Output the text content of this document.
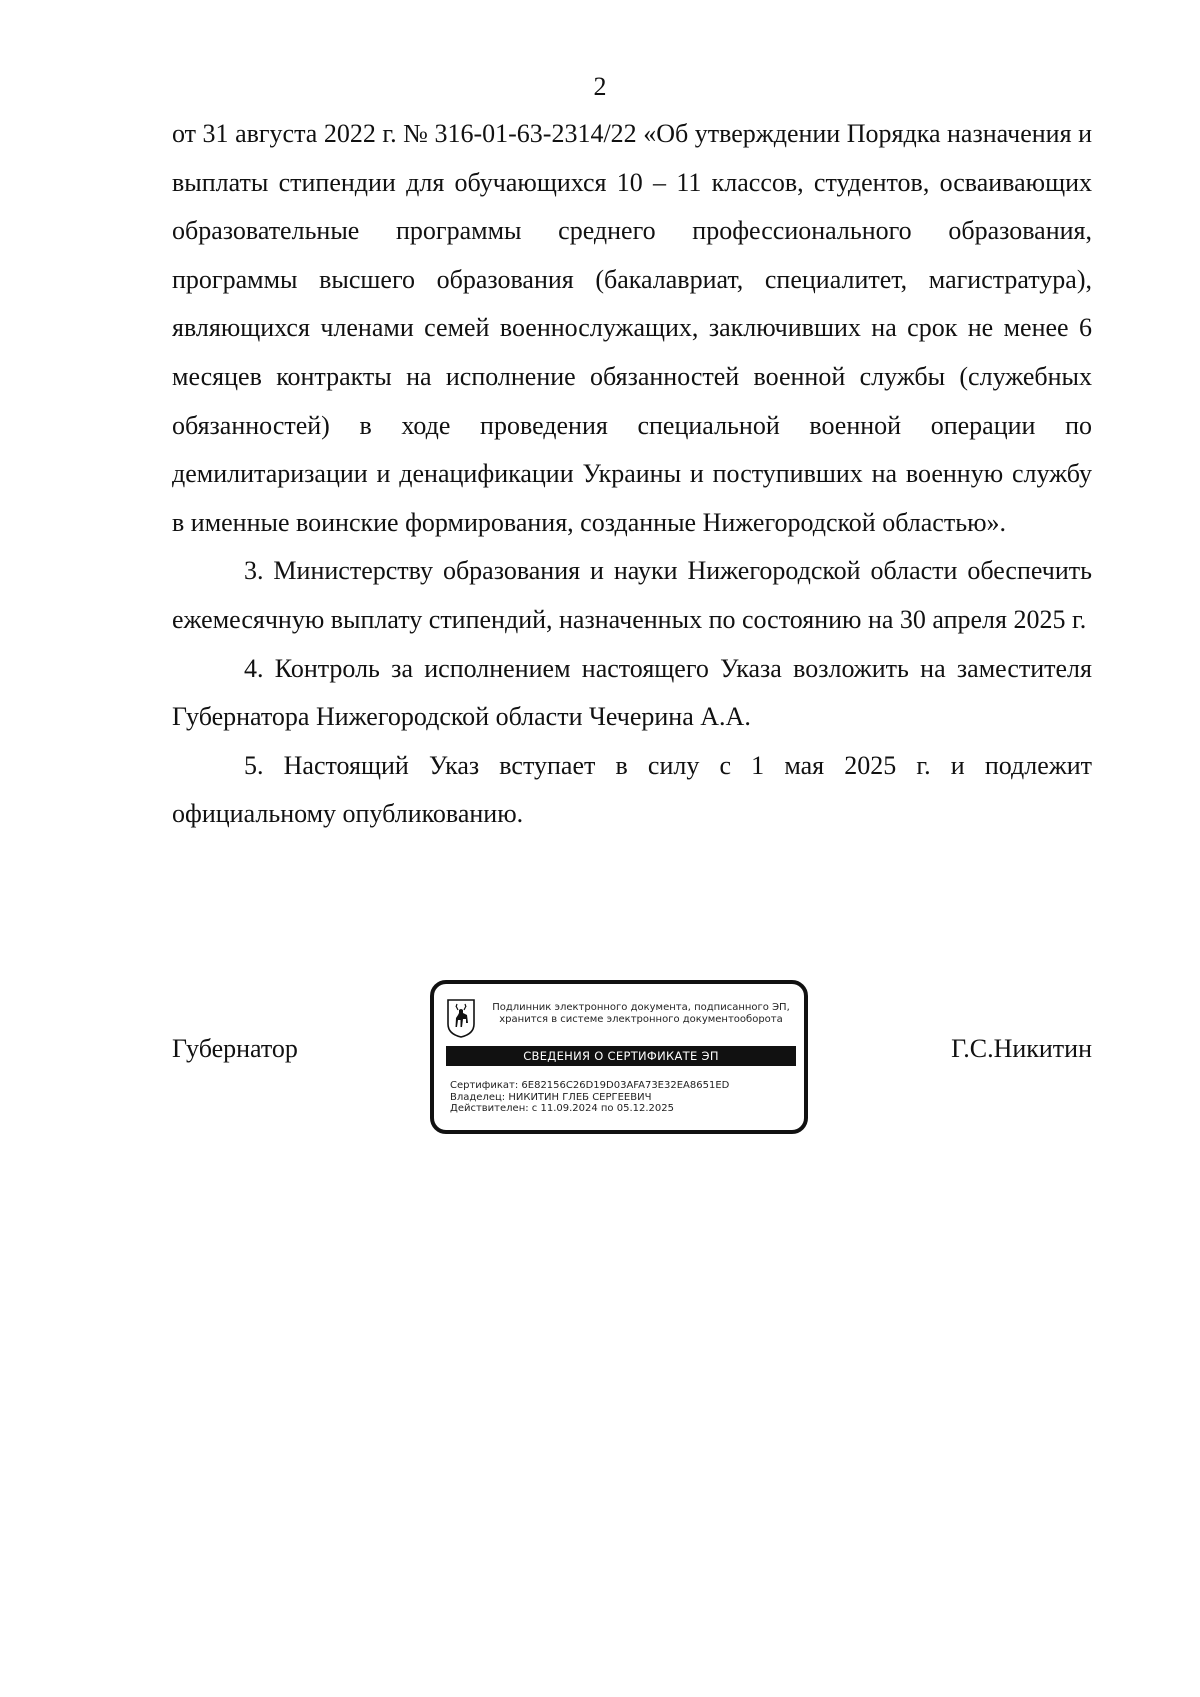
2

от 31 августа 2022 г. № 316-01-63-2314/22 «Об утверждении Порядка назначения и выплаты стипендии для обучающихся 10 – 11 классов, студентов, осваивающих образовательные программы среднего профессионального образования, программы высшего образования (бакалавриат, специалитет, магистратура), являющихся членами семей военнослужащих, заключивших на срок не менее 6 месяцев контракты на исполнение обязанностей военной службы (служебных обязанностей) в ходе проведения специальной военной операции по демилитаризации и денацификации Украины и поступивших на военную службу в именные воинские формирования, созданные Нижегородской областью».

3. Министерству образования и науки Нижегородской области обеспечить ежемесячную выплату стипендий, назначенных по состоянию на 30 апреля 2025 г.

4. Контроль за исполнением настоящего Указа возложить на заместителя Губернатора Нижегородской области Чечерина А.А.

5. Настоящий Указ вступает в силу с 1 мая 2025 г. и подлежит официальному опубликованию.

Губернатор
Подлинник электронного документа, подписанного ЭП,
хранится в системе электронного документооборота
СВЕДЕНИЯ О СЕРТИФИКАТЕ ЭП
Сертификат: 6E82156C26D19D03AFA73E32EA8651ED
Владелец: НИКИТИН ГЛЕБ СЕРГЕЕВИЧ
Действителен: с 11.09.2024 по 05.12.2025
Г.С.Никитин
